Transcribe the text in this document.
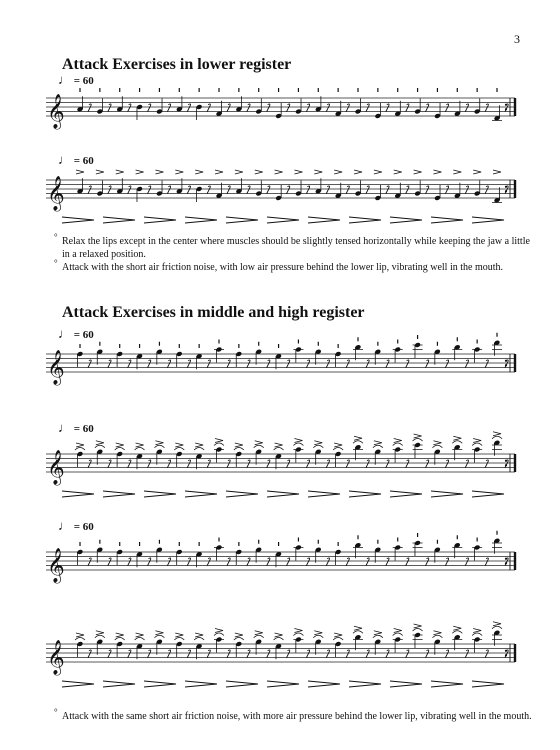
3
Attack Exercises in lower register
♩ = 60
𝄞
♩ = 60
𝄞
° Relax the lips except in the center where muscles should be slightly tensed horizontally while keeping the jaw a little in a relaxed position.
° Attack with the short air friction noise, with low air pressure behind the lower lip, vibrating well in the mouth.
Attack Exercises in middle and high register
♩ = 60
𝄞
♩ = 60
𝄞
♩ = 60
𝄞
𝄞
° Attack with the same short air friction noise, with more air pressure behind the lower lip, vibrating well in the mouth.
